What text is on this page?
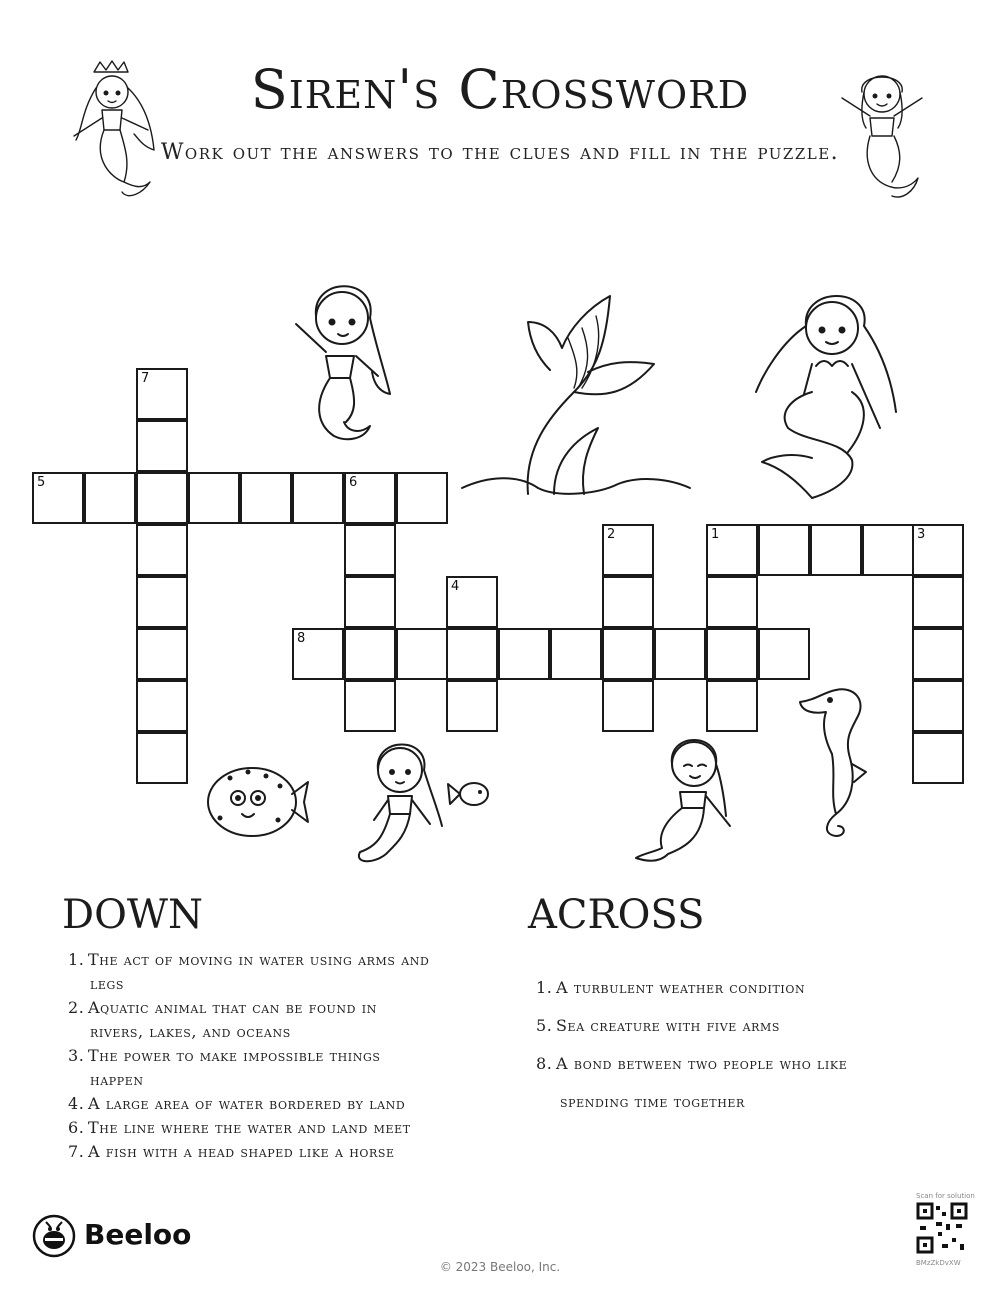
Siren's Crossword
Work out the answers to the clues and fill in the puzzle.
5	6
7
4
8
2	1	3
DOWN
1. The act of moving in water using arms and
legs
2. Aquatic animal that can be found in
rivers, lakes, and oceans
3. The power to make impossible things
happen
4. A large area of water bordered by land
6. The line where the water and land meet
7. A fish with a head shaped like a horse
ACROSS
1. A turbulent weather condition
5. Sea creature with five arms
8. A bond between two people who like
spending time together
Beeloo
© 2023 Beeloo, Inc.
Scan for solution
BMzZkDvXW
